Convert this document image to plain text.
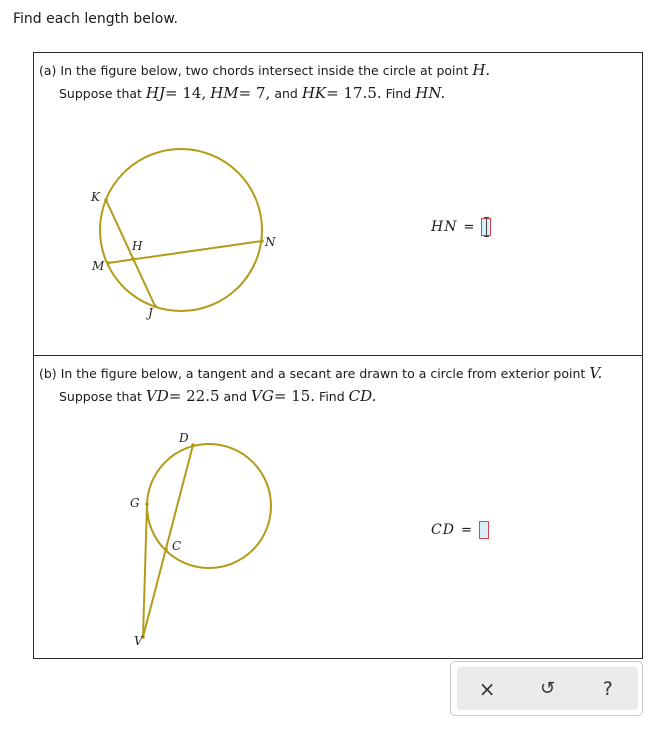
Find each length below.
(a) In the figure below, two chords intersect inside the circle at point H.
Suppose that HJ= 14, HM= 7, and HK= 17.5. Find HN.
K
H
M
J
N
HN =
(b) In the figure below, a tangent and a secant are drawn to a circle from exterior point V.
Suppose that VD= 22.5 and VG= 15. Find CD.
D
G
C
V
CD =
× ↺	?
